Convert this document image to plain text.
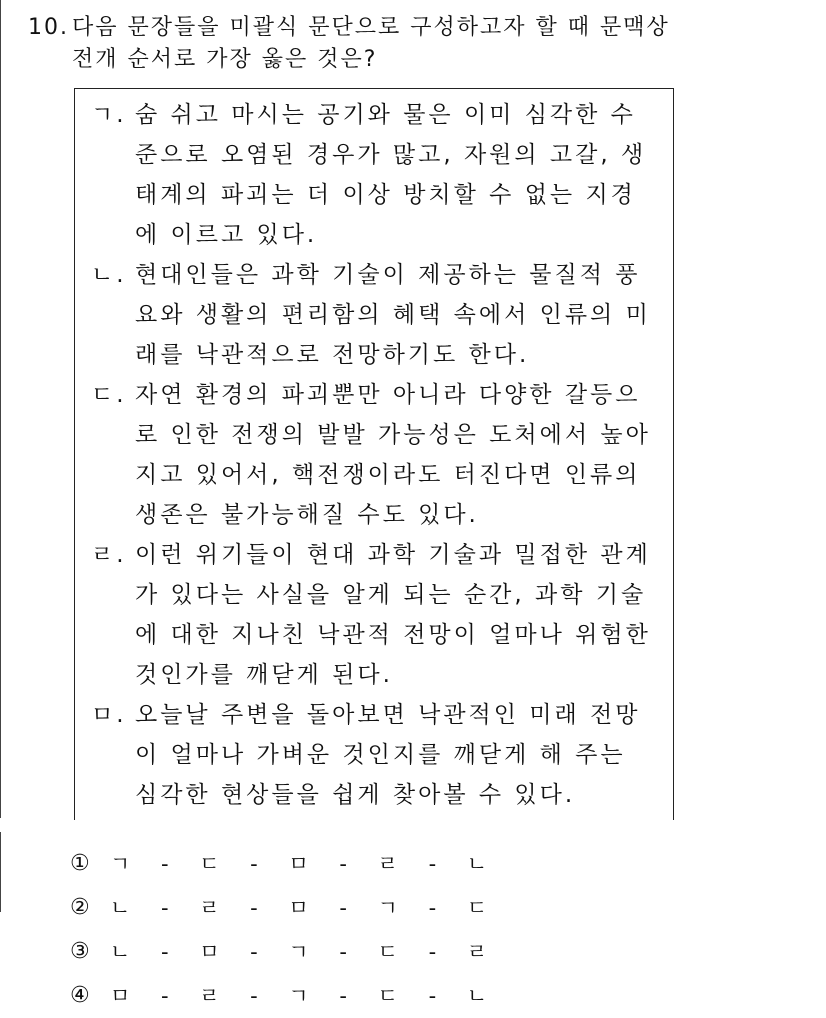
10. 다음 문장들을 미괄식 문단으로 구성하고자 할 때 문맥상
전개 순서로 가장 옳은 것은?
ㄱ. 숨 쉬고 마시는 공기와 물은 이미 심각한 수
준으로 오염된 경우가 많고, 자원의 고갈, 생
태계의 파괴는 더 이상 방치할 수 없는 지경
에 이르고 있다.
ㄴ. 현대인들은 과학 기술이 제공하는 물질적 풍
요와 생활의 편리함의 혜택 속에서 인류의 미
래를 낙관적으로 전망하기도 한다.
ㄷ. 자연 환경의 파괴뿐만 아니라 다양한 갈등으
로 인한 전쟁의 발발 가능성은 도처에서 높아
지고 있어서, 핵전쟁이라도 터진다면 인류의
생존은 불가능해질 수도 있다.
ㄹ. 이런 위기들이 현대 과학 기술과 밀접한 관계
가 있다는 사실을 알게 되는 순간, 과학 기술
에 대한 지나친 낙관적 전망이 얼마나 위험한
것인가를 깨닫게 된다.
ㅁ. 오늘날 주변을 돌아보면 낙관적인 미래 전망
이 얼마나 가벼운 것인지를 깨닫게 해 주는
심각한 현상들을 쉽게 찾아볼 수 있다.
① ㄱ - ㄷ - ㅁ - ㄹ - ㄴ
② ㄴ - ㄹ - ㅁ - ㄱ - ㄷ
③ ㄴ - ㅁ - ㄱ - ㄷ - ㄹ
④ ㅁ - ㄹ - ㄱ - ㄷ - ㄴ
